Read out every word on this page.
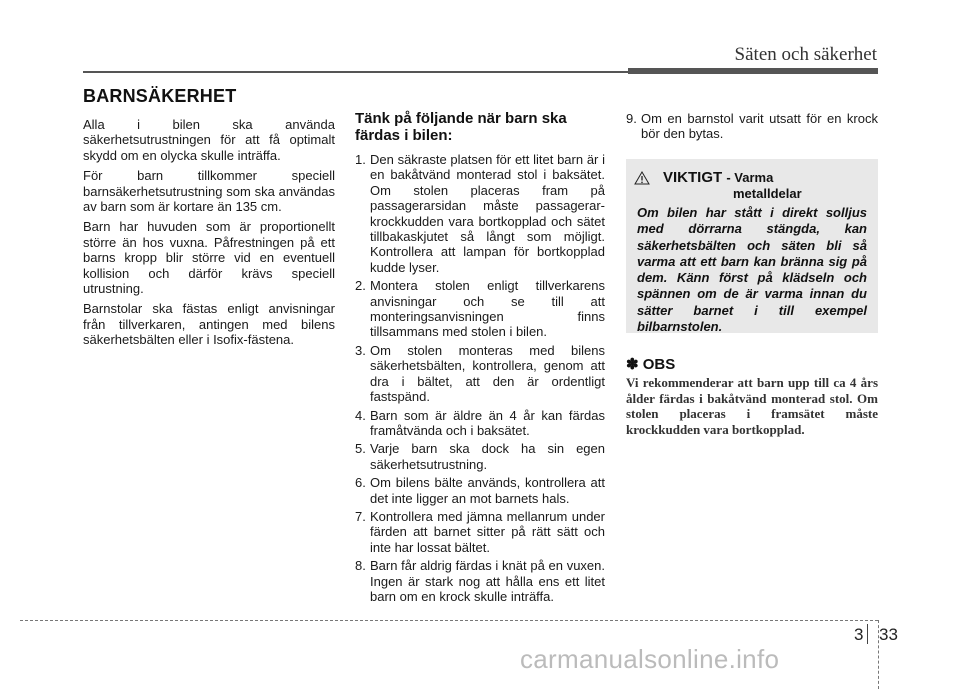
Säten och säkerhet
BARNSÄKERHET

Alla i bilen ska använda säkerhetsutrustningen för att få optimalt skydd om en olycka skulle inträffa.

För barn tillkommer speciell barnsäkerhetsutrustning som ska användas av barn som är kortare än 135 cm.

Barn har huvuden som är proportionellt större än hos vuxna. Påfrestningen på ett barns kropp blir större vid en eventuell kollision och därför krävs speciell utrustning.

Barnstolar ska fästas enligt anvisningar från tillverkaren, antingen med bilens säkerhetsbälten eller i Isofix-fästena.

Tänk på följande när barn ska färdas i bilen:
1. Den säkraste platsen för ett litet barn är i en bakåtvänd monterad stol i baksätet. Om stolen placeras fram på passagerarsidan måste passagerar-krockkudden vara bortkopplad och sätet tillbakaskjutet så långt som möjligt. Kontrollera att lampan för bortkopplad kudde lyser.
2. Montera stolen enligt tillverkarens anvisningar och se till att monteringsanvisningen finns tillsammans med stolen i bilen.
3. Om stolen monteras med bilens säkerhetsbälten, kontrollera, genom att dra i bältet, att den är ordentligt fastspänd.
4. Barn som är äldre än 4 år kan färdas framåtvända och i baksätet.
5. Varje barn ska dock ha sin egen säkerhetsutrustning.
6. Om bilens bälte används, kontrollera att det inte ligger an mot barnets hals.
7. Kontrollera med jämna mellanrum under färden att barnet sitter på rätt sätt och inte har lossat bältet.
8. Barn får aldrig färdas i knät på en vuxen. Ingen är stark nog att hålla ens ett litet barn om en krock skulle inträffa.
9. Om en barnstol varit utsatt för en krock bör den bytas.
VIKTIGT - Varma
metalldelar
Om bilen har stått i direkt solljus med dörrarna stängda, kan säkerhetsbälten och säten bli så varma att ett barn kan bränna sig på dem. Känn först på klädseln och spännen om de är varma innan du sätter barnet i till exempel bilbarnstolen.
✽ OBS
Vi rekommenderar att barn upp till ca 4 års ålder färdas i bakåtvänd monterad stol. Om stolen placeras i framsätet måste krockkudden vara bortkopplad.
3 33
carmanualsonline.info
